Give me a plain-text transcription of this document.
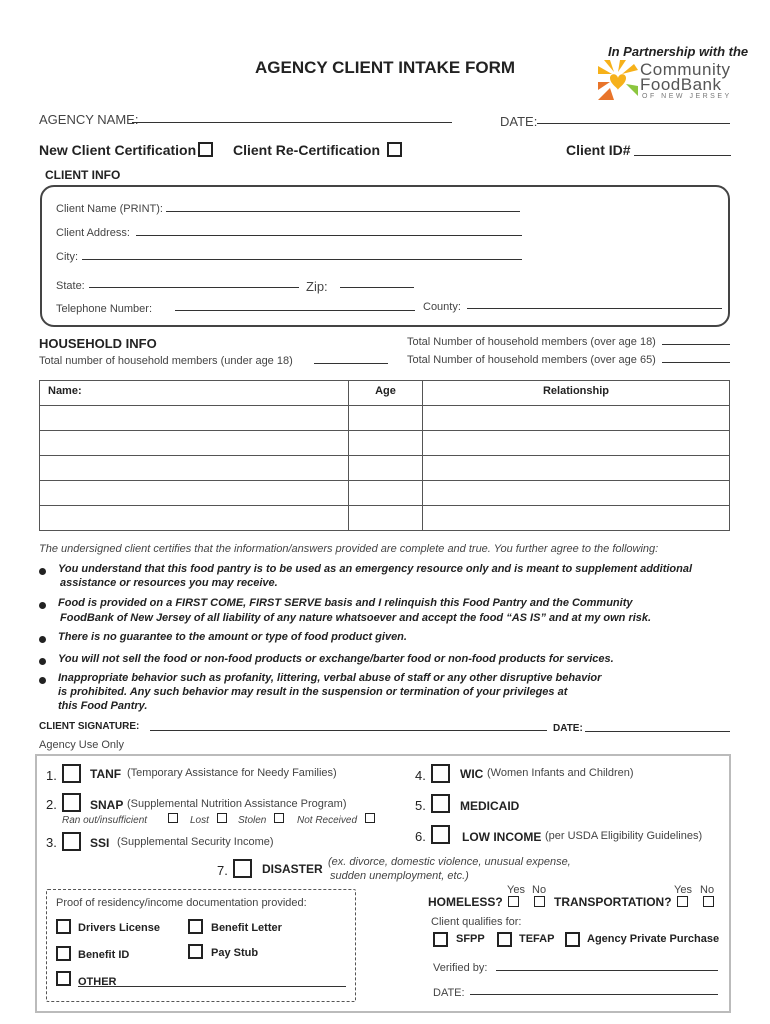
In Partnership with the
Community
FoodBank
OF NEW JERSEY
AGENCY CLIENT INTAKE FORM
AGENCY NAME:	DATE:
New Client Certification	Client Re-Certification	Client ID#
CLIENT INFO
Client Name (PRINT):
Client Address:
City:
State:	Zip:
Telephone Number:	County:
HOUSEHOLD INFO
Total number of household members (under age 18)
Total Number of household members (over age 18)
Total Number of household members (over age 65)
Name:	Age	Relationship

The undersigned client certifies that the information/answers provided are complete and true. You further agree to the following:
You understand that this food pantry is to be used as an emergency resource only and is meant to supplement additional
assistance or resources you may receive.
Food is provided on a FIRST COME, FIRST SERVE basis and I relinquish this Food Pantry and the Community
FoodBank of New Jersey of all liability of any nature whatsoever and accept the food “AS IS” and at my own risk.
There is no guarantee to the amount or type of food product given.
You will not sell the food or non-food products or exchange/barter food or non-food products for services.
Inappropriate behavior such as profanity, littering, verbal abuse of staff or any other disruptive behavior
is prohibited. Any such behavior may result in the suspension or termination of your privileges at
this Food Pantry.
CLIENT SIGNATURE:	DATE:
Agency Use Only
1.	TANF (Temporary Assistance for Needy Families)
2.	SNAP (Supplemental Nutrition Assistance Program)
Ran out/insufficient	Lost	Stolen	Not Received
3.	SSI (Supplemental Security Income)
4.	WIC (Women Infants and Children)
5.	MEDICAID
6.	LOW INCOME (per USDA Eligibility Guidelines)
7.	DISASTER (ex. divorce, domestic violence, unusual expense,
sudden unemployment, etc.)
Proof of residency/income documentation provided:
Drivers License	Benefit Letter
Benefit ID	Pay Stub
OTHER
Yes No
HOMELESS?
Yes No
TRANSPORTATION?
Client qualifies for:
SFPP	TEFAP	Agency Private Purchase
Verified by:
DATE:
